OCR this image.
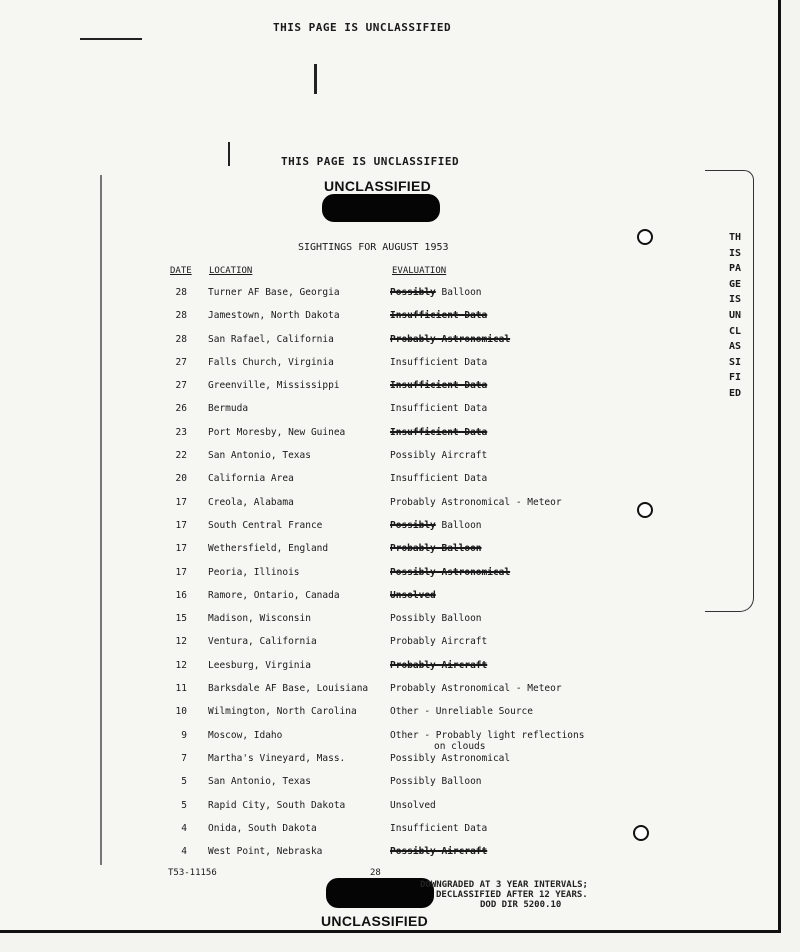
THIS PAGE IS UNCLASSIFIED
THIS PAGE IS UNCLASSIFIED
UNCLASSIFIED
SIGHTINGS FOR AUGUST 1953
DATE LOCATION	EVALUATION
28 Turner AF Base, Georgia	Possibly Balloon
28 Jamestown, North Dakota	Insufficient Data
28 San Rafael, California	Probably Astronomical
27 Falls Church, Virginia	Insufficient Data
27 Greenville, Mississippi	Insufficient Data
26 Bermuda	Insufficient Data
23 Port Moresby, New Guinea	Insufficient Data
22 San Antonio, Texas	Possibly Aircraft
20 California Area	Insufficient Data
17 Creola, Alabama	Probably Astronomical - Meteor
17 South Central France	Possibly Balloon
17 Wethersfield, England	Probably Balloon
17 Peoria, Illinois	Possibly Astronomical
16 Ramore, Ontario, Canada	Unsolved
15 Madison, Wisconsin	Possibly Balloon
12 Ventura, California	Probably Aircraft
12 Leesburg, Virginia	Probably Aircraft
11 Barksdale AF Base, Louisiana	Probably Astronomical - Meteor
10 Wilmington, North Carolina	Other - Unreliable Source
9 Moscow, Idaho	Other - Probably light reflections
on clouds
7 Martha's Vineyard, Mass.	Possibly Astronomical
5 San Antonio, Texas	Possibly Balloon
5 Rapid City, South Dakota	Unsolved
4 Onida, South Dakota	Insufficient Data
4 West Point, Nebraska	Possibly Aircraft
THIS PAGE IS UNCLASSIFIED
T53-11156	28
DOWNGRADED AT 3 YEAR INTERVALS;
DECLASSIFIED AFTER 12 YEARS.
DOD DIR 5200.10
UNCLASSIFIED
